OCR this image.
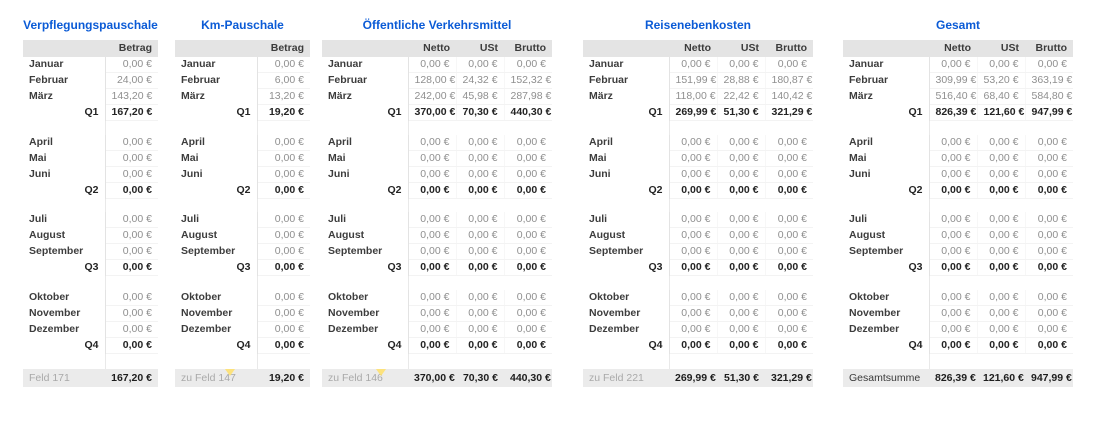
Verpflegungspauschale
	Betrag
Januar	0,00 €
Februar	24,00 €
März	143,20 €
Q1	167,20 €

April	0,00 €
Mai	0,00 €
Juni	0,00 €
Q2	0,00 €

Juli	0,00 €
August	0,00 €
September	0,00 €
Q3	0,00 €

Oktober	0,00 €
November	0,00 €
Dezember	0,00 €
Q4	0,00 €

Feld 171	167,20 €
Km-Pauschale
	Betrag
Januar	0,00 €
Februar	6,00 €
März	13,20 €
Q1	19,20 €

April	0,00 €
Mai	0,00 €
Juni	0,00 €
Q2	0,00 €

Juli	0,00 €
August	0,00 €
September	0,00 €
Q3	0,00 €

Oktober	0,00 €
November	0,00 €
Dezember	0,00 €
Q4	0,00 €

zu Feld 147	19,20 €
Öffentliche Verkehrsmittel
	Netto	USt	Brutto
Januar	0,00 €	0,00 €	0,00 €
Februar	128,00 €	24,32 €	152,32 €
März	242,00 €	45,98 €	287,98 €
Q1	370,00 €	70,30 €	440,30 €

April	0,00 €	0,00 €	0,00 €
Mai	0,00 €	0,00 €	0,00 €
Juni	0,00 €	0,00 €	0,00 €
Q2	0,00 €	0,00 €	0,00 €

Juli	0,00 €	0,00 €	0,00 €
August	0,00 €	0,00 €	0,00 €
September	0,00 €	0,00 €	0,00 €
Q3	0,00 €	0,00 €	0,00 €

Oktober	0,00 €	0,00 €	0,00 €
November	0,00 €	0,00 €	0,00 €
Dezember	0,00 €	0,00 €	0,00 €
Q4	0,00 €	0,00 €	0,00 €

zu Feld 146	370,00 €	70,30 €	440,30 €
Reisenebenkosten
	Netto	USt	Brutto
Januar	0,00 €	0,00 €	0,00 €
Februar	151,99 €	28,88 €	180,87 €
März	118,00 €	22,42 €	140,42 €
Q1	269,99 €	51,30 €	321,29 €

April	0,00 €	0,00 €	0,00 €
Mai	0,00 €	0,00 €	0,00 €
Juni	0,00 €	0,00 €	0,00 €
Q2	0,00 €	0,00 €	0,00 €

Juli	0,00 €	0,00 €	0,00 €
August	0,00 €	0,00 €	0,00 €
September	0,00 €	0,00 €	0,00 €
Q3	0,00 €	0,00 €	0,00 €

Oktober	0,00 €	0,00 €	0,00 €
November	0,00 €	0,00 €	0,00 €
Dezember	0,00 €	0,00 €	0,00 €
Q4	0,00 €	0,00 €	0,00 €

zu Feld 221	269,99 €	51,30 €	321,29 €
Gesamt
	Netto	USt	Brutto
Januar	0,00 €	0,00 €	0,00 €
Februar	309,99 €	53,20 €	363,19 €
März	516,40 €	68,40 €	584,80 €
Q1	826,39 €	121,60 €	947,99 €

April	0,00 €	0,00 €	0,00 €
Mai	0,00 €	0,00 €	0,00 €
Juni	0,00 €	0,00 €	0,00 €
Q2	0,00 €	0,00 €	0,00 €

Juli	0,00 €	0,00 €	0,00 €
August	0,00 €	0,00 €	0,00 €
September	0,00 €	0,00 €	0,00 €
Q3	0,00 €	0,00 €	0,00 €

Oktober	0,00 €	0,00 €	0,00 €
November	0,00 €	0,00 €	0,00 €
Dezember	0,00 €	0,00 €	0,00 €
Q4	0,00 €	0,00 €	0,00 €

Gesamtsumme	826,39 €	121,60 €	947,99 €
